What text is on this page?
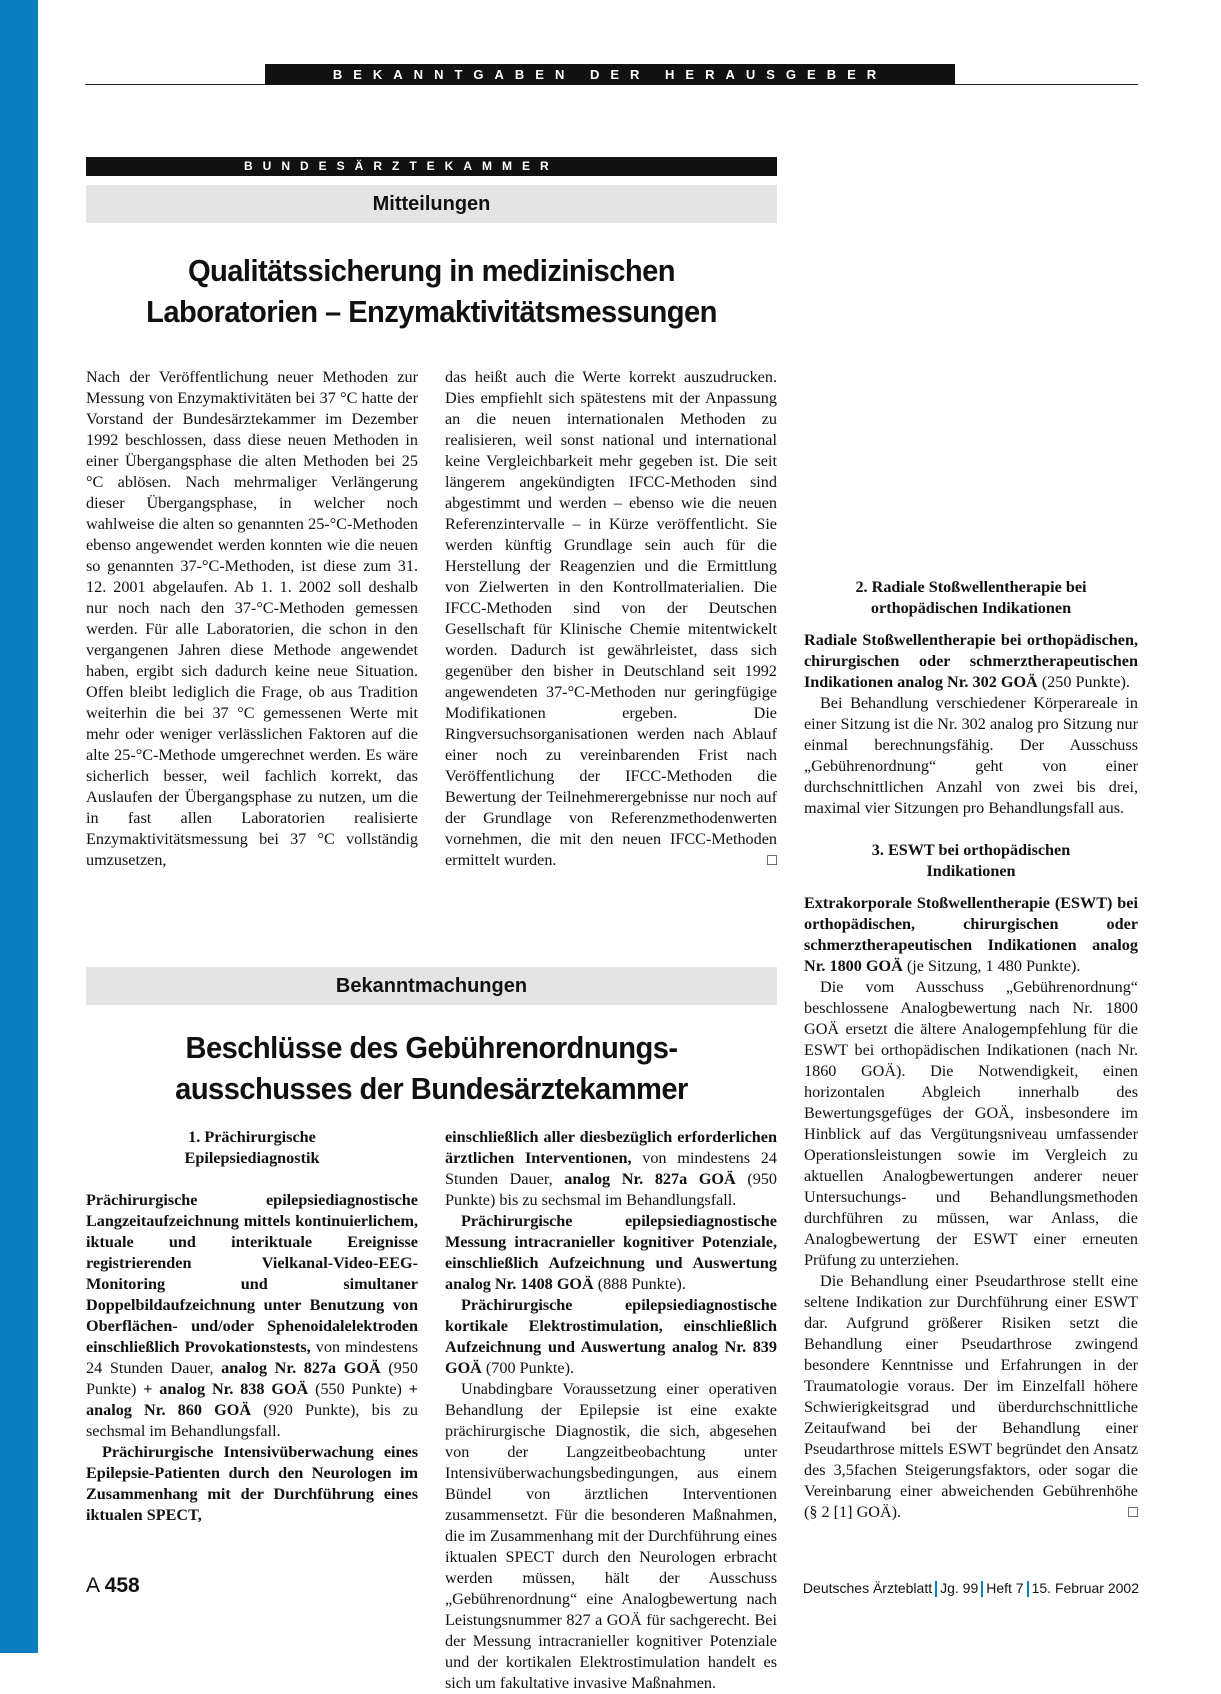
BEKANNTGABEN DER HERAUSGEBER
BUNDESÄRZTEKAMMER
Mitteilungen
Qualitätssicherung in medizinischen
Laboratorien – Enzymaktivitätsmessungen

Nach der Veröffentlichung neuer Methoden zur Messung von Enzymaktivitäten bei 37 °C hatte der Vorstand der Bundesärztekammer im Dezember 1992 beschlossen, dass diese neuen Methoden in einer Übergangsphase die alten Methoden bei 25 °C ablösen. Nach mehrmaliger Verlängerung dieser Übergangsphase, in welcher noch wahlweise die alten so genannten 25-°C-Methoden ebenso angewendet werden konnten wie die neuen so genannten 37-°C-Methoden, ist diese zum 31. 12. 2001 abgelaufen. Ab 1. 1. 2002 soll deshalb nur noch nach den 37-°C-Methoden gemessen werden. Für alle Laboratorien, die schon in den vergangenen Jahren diese Methode angewendet haben, ergibt sich dadurch keine neue Situation. Offen bleibt lediglich die Frage, ob aus Tradition weiterhin die bei 37 °C gemessenen Werte mit mehr oder weniger verlässlichen Faktoren auf die alte 25-°C-Methode umgerechnet werden. Es wäre sicherlich besser, weil fachlich korrekt, das Auslaufen der Übergangsphase zu nutzen, um die in fast allen Laboratorien realisierte Enzymaktivitätsmessung bei 37 °C vollständig umzusetzen,

das heißt auch die Werte korrekt auszudrucken. Dies empfiehlt sich spätestens mit der Anpassung an die neuen internationalen Methoden zu realisieren, weil sonst national und international keine Vergleichbarkeit mehr gegeben ist. Die seit längerem angekündigten IFCC-Methoden sind abgestimmt und werden – ebenso wie die neuen Referenzintervalle – in Kürze veröffentlicht. Sie werden künftig Grundlage sein auch für die Herstellung der Reagenzien und die Ermittlung von Zielwerten in den Kontrollmaterialien. Die IFCC-Methoden sind von der Deutschen Gesellschaft für Klinische Chemie mitentwickelt worden. Dadurch ist gewährleistet, dass sich gegenüber den bisher in Deutschland seit 1992 angewendeten 37-°C-Methoden nur geringfügige Modifikationen ergeben. Die Ringversuchsorganisationen werden nach Ablauf einer noch zu vereinbarenden Frist nach Veröffentlichung der IFCC-Methoden die Bewertung der Teilnehmerergebnisse nur noch auf der Grundlage von Referenzmethodenwerten vornehmen, die mit den neuen IFCC-Methoden ermittelt wurden.	□

Bekanntmachungen
Beschlüsse des Gebührenordnungs-
ausschusses der Bundesärztekammer
1. Prächirurgische
Epilepsiediagnostik

Prächirurgische epilepsiediagnostische Langzeitaufzeichnung mittels kontinuierlichem, iktuale und interiktuale Ereignisse registrierenden Vielkanal-Video-EEG-Monitoring und simultaner Doppelbildaufzeichnung unter Benutzung von Oberflächen- und/oder Sphenoidalelektroden einschließlich Provokationstests, von mindestens 24 Stunden Dauer, analog Nr. 827a GOÄ (950 Punkte) + analog Nr. 838 GOÄ (550 Punkte) + analog Nr. 860 GOÄ (920 Punkte), bis zu sechsmal im Behandlungsfall.

Prächirurgische Intensivüberwachung eines Epilepsie-Patienten durch den Neurologen im Zusammenhang mit der Durchführung eines iktualen SPECT,

einschließlich aller diesbezüglich erforderlichen ärztlichen Interventionen, von mindestens 24 Stunden Dauer, analog Nr. 827a GOÄ (950 Punkte) bis zu sechsmal im Behandlungsfall.

Prächirurgische epilepsiediagnostische Messung intracranieller kognitiver Potenziale, einschließlich Aufzeichnung und Auswertung analog Nr. 1408 GOÄ (888 Punkte).

Prächirurgische epilepsiediagnostische kortikale Elektrostimulation, einschließlich Aufzeichnung und Auswertung analog Nr. 839 GOÄ (700 Punkte).

Unabdingbare Voraussetzung einer operativen Behandlung der Epilepsie ist eine exakte prächirurgische Diagnostik, die sich, abgesehen von der Langzeitbeobachtung unter Intensivüberwachungsbedingungen, aus einem Bündel von ärztlichen Interventionen zusammensetzt. Für die besonderen Maßnahmen, die im Zusammenhang mit der Durchführung eines iktualen SPECT durch den Neurologen erbracht werden müssen, hält der Ausschuss „Gebührenordnung“ eine Analogbewertung nach Leistungsnummer 827 a GOÄ für sachgerecht. Bei der Messung intracranieller kognitiver Potenziale und der kortikalen Elektrostimulation handelt es sich um fakultative invasive Maßnahmen.

2. Radiale Stoßwellentherapie bei
orthopädischen Indikationen

Radiale Stoßwellentherapie bei orthopädischen, chirurgischen oder schmerztherapeutischen Indikationen analog Nr. 302 GOÄ (250 Punkte).

Bei Behandlung verschiedener Körperareale in einer Sitzung ist die Nr. 302 analog pro Sitzung nur einmal berechnungsfähig. Der Ausschuss „Gebührenordnung“ geht von einer durchschnittlichen Anzahl von zwei bis drei, maximal vier Sitzungen pro Behandlungsfall aus.

3. ESWT bei orthopädischen
Indikationen

Extrakorporale Stoßwellentherapie (ESWT) bei orthopädischen, chirurgischen oder schmerztherapeutischen Indikationen analog Nr. 1800 GOÄ (je Sitzung, 1 480 Punkte).

Die vom Ausschuss „Gebührenordnung“ beschlossene Analogbewertung nach Nr. 1800 GOÄ ersetzt die ältere Analogempfehlung für die ESWT bei orthopädischen Indikationen (nach Nr. 1860 GOÄ). Die Notwendigkeit, einen horizontalen Abgleich innerhalb des Bewertungsgefüges der GOÄ, insbesondere im Hinblick auf das Vergütungsniveau umfassender Operationsleistungen sowie im Vergleich zu aktuellen Analogbewertungen anderer neuer Untersuchungs- und Behandlungsmethoden durchführen zu müssen, war Anlass, die Analogbewertung der ESWT einer erneuten Prüfung zu unterziehen.

Die Behandlung einer Pseudarthrose stellt eine seltene Indikation zur Durchführung einer ESWT dar. Aufgrund größerer Risiken setzt die Behandlung einer Pseudarthrose zwingend besondere Kenntnisse und Erfahrungen in der Traumatologie voraus. Der im Einzelfall höhere Schwierigkeitsgrad und überdurchschnittliche Zeitaufwand bei der Behandlung einer Pseudarthrose mittels ESWT begründet den Ansatz des 3,5fachen Steigerungsfaktors, oder sogar die Vereinbarung einer abweichenden Gebührenhöhe (§ 2 [1] GOÄ).	□

A 458	Deutsches Ärzteblatt Jg. 99 Heft 7 15. Februar 2002
